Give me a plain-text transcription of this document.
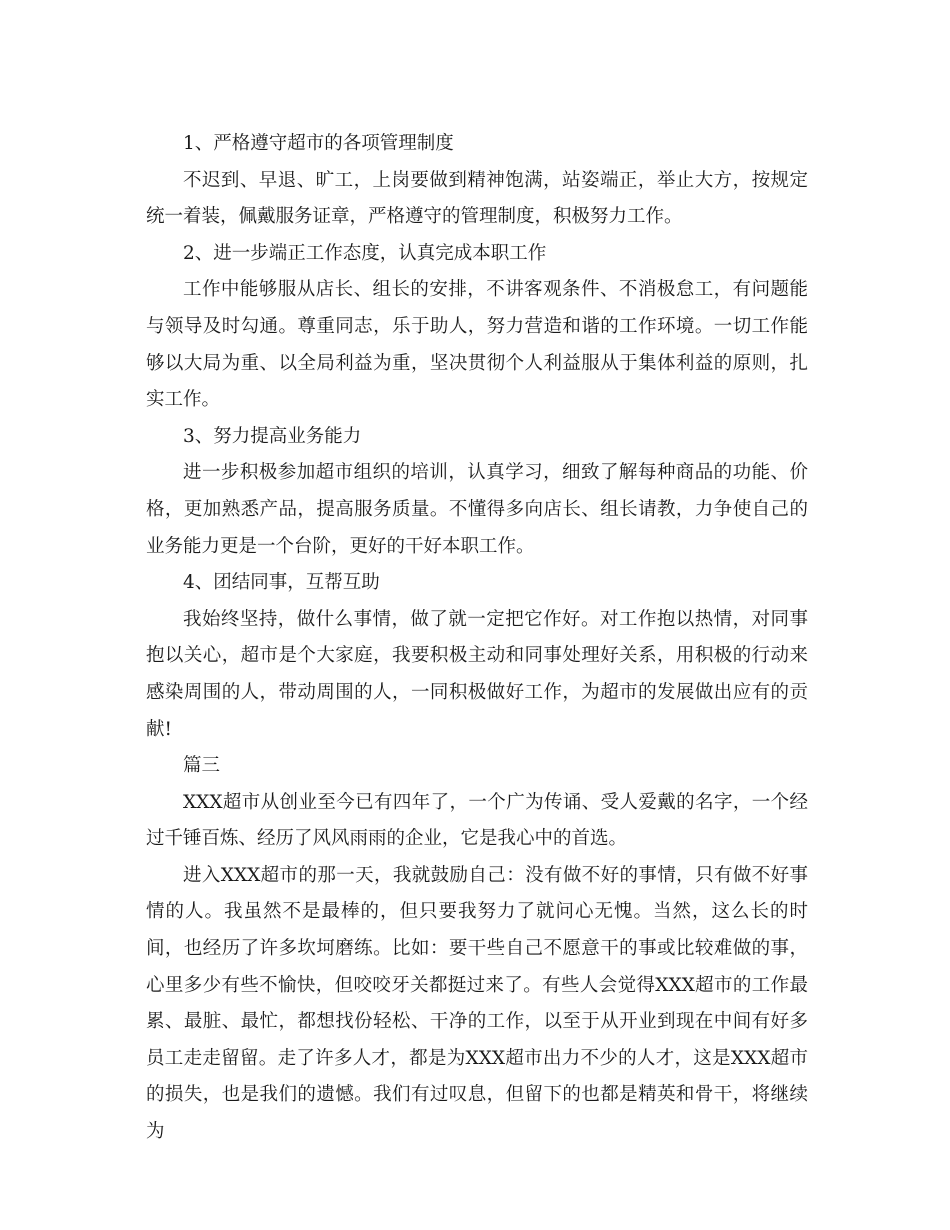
1、严格遵守超市的各项管理制度

不迟到、早退、旷工，上岗要做到精神饱满，站姿端正，举止大方，按规定统一着装，佩戴服务证章，严格遵守的管理制度，积极努力工作。

2、进一步端正工作态度，认真完成本职工作

工作中能够服从店长、组长的安排，不讲客观条件、不消极怠工，有问题能与领导及时勾通。尊重同志，乐于助人，努力营造和谐的工作环境。一切工作能够以大局为重、以全局利益为重，坚决贯彻个人利益服从于集体利益的原则，扎实工作。

3、努力提高业务能力

进一步积极参加超市组织的培训，认真学习，细致了解每种商品的功能、价格，更加熟悉产品，提高服务质量。不懂得多向店长、组长请教，力争使自己的业务能力更是一个台阶，更好的干好本职工作。

4、团结同事，互帮互助

我始终坚持，做什么事情，做了就一定把它作好。对工作抱以热情，对同事抱以关心，超市是个大家庭，我要积极主动和同事处理好关系，用积极的行动来感染周围的人，带动周围的人，一同积极做好工作，为超市的发展做出应有的贡献!

篇三

XXX超市从创业至今已有四年了，一个广为传诵、受人爱戴的名字，一个经过千锤百炼、经历了风风雨雨的企业，它是我心中的首选。

进入XXX超市的那一天，我就鼓励自己：没有做不好的事情，只有做不好事情的人。我虽然不是最棒的，但只要我努力了就问心无愧。当然，这么长的时间，也经历了许多坎坷磨练。比如：要干些自己不愿意干的事或比较难做的事，心里多少有些不愉快，但咬咬牙关都挺过来了。有些人会觉得XXX超市的工作最累、最脏、最忙，都想找份轻松、干净的工作，以至于从开业到现在中间有好多员工走走留留。走了许多人才，都是为XXX超市出力不少的人才，这是XXX超市的损失，也是我们的遗憾。我们有过叹息，但留下的也都是精英和骨干，将继续为
